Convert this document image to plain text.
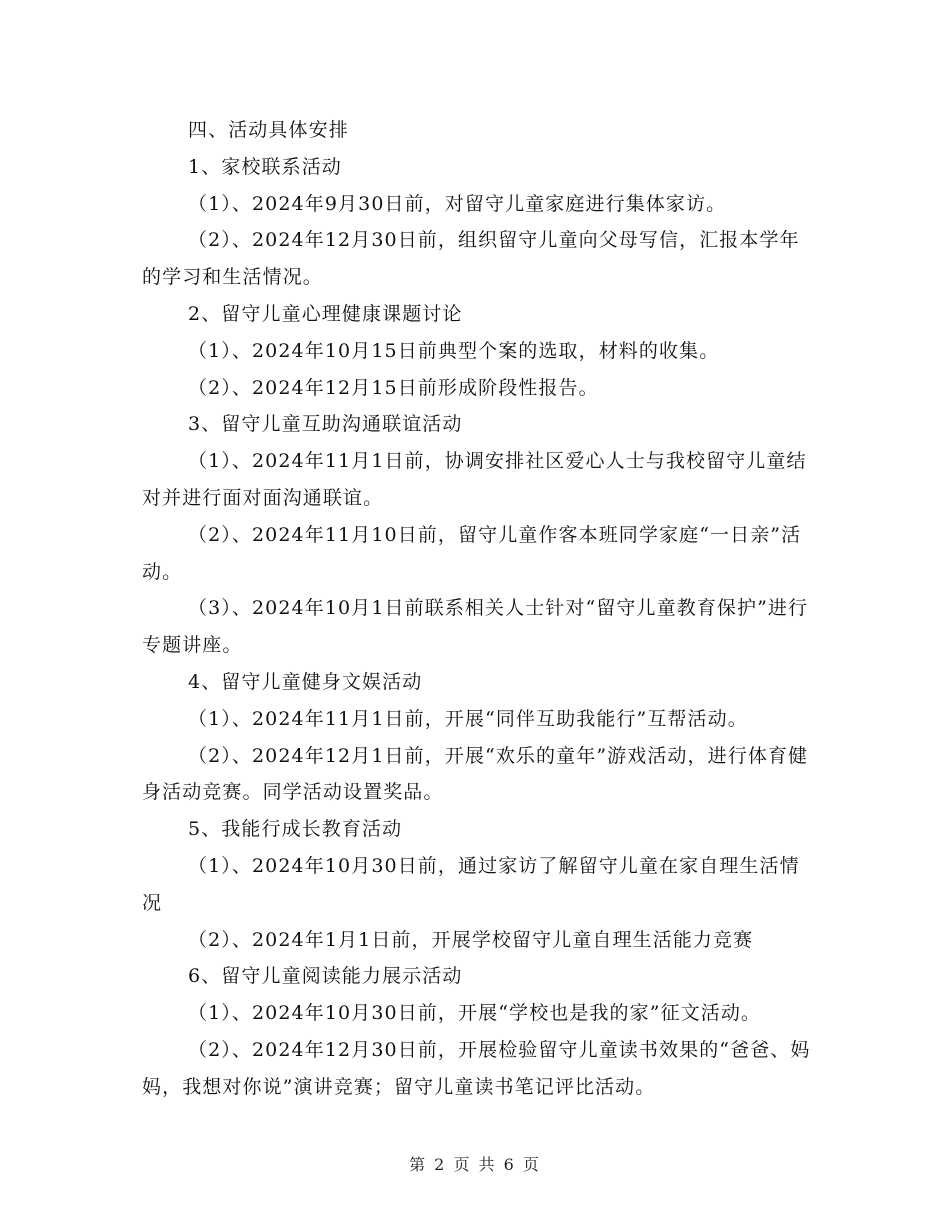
四、活动具体安排

1、家校联系活动

（1）、2024年9月30日前，对留守儿童家庭进行集体家访。

（2）、2024年12月30日前，组织留守儿童向父母写信，汇报本学年的学习和生活情况。

2、留守儿童心理健康课题讨论

（1）、2024年10月15日前典型个案的选取，材料的收集。

（2）、2024年12月15日前形成阶段性报告。

3、留守儿童互助沟通联谊活动

（1）、2024年11月1日前，协调安排社区爱心人士与我校留守儿童结对并进行面对面沟通联谊。

（2）、2024年11月10日前，留守儿童作客本班同学家庭“一日亲”活动。

（3）、2024年10月1日前联系相关人士针对“留守儿童教育保护”进行专题讲座。

4、留守儿童健身文娱活动

（1）、2024年11月1日前，开展“同伴互助我能行”互帮活动。

（2）、2024年12月1日前，开展“欢乐的童年”游戏活动，进行体育健身活动竞赛。同学活动设置奖品。

5、我能行成长教育活动

（1）、2024年10月30日前，通过家访了解留守儿童在家自理生活情况

（2）、2024年1月1日前，开展学校留守儿童自理生活能力竞赛

6、留守儿童阅读能力展示活动

（1）、2024年10月30日前，开展“学校也是我的家”征文活动。

（2）、2024年12月30日前，开展检验留守儿童读书效果的“爸爸、妈妈，我想对你说”演讲竞赛；留守儿童读书笔记评比活动。

第 2 页 共 6 页
